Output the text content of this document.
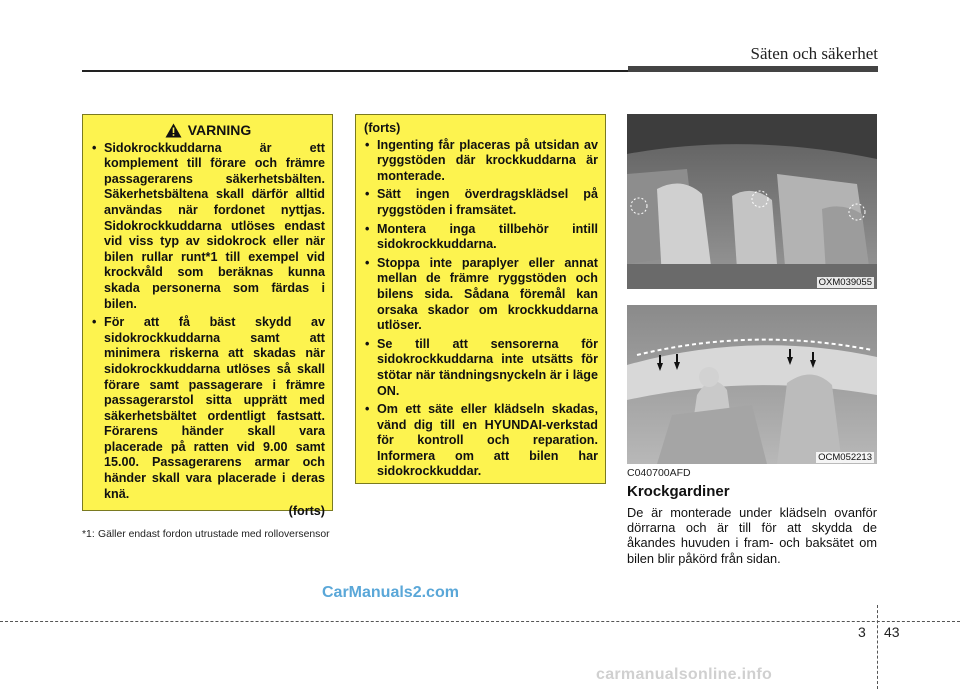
Säten och säkerhet
VARNING
• Sidokrockkuddarna är ett komplement till förare och främre passagerarens säkerhetsbälten. Säkerhetsbältena skall därför alltid användas när fordonet nyttjas. Sidokrockkuddarna utlöses endast vid viss typ av sidokrock eller när bilen rullar runt*1 till exempel vid krockvåld som beräknas kunna skada personerna som färdas i bilen.
• För att få bäst skydd av sidokrockkuddarna samt att minimera riskerna att skadas när sidokrockkuddarna utlöses så skall förare samt passagerare i främre passagerarstol sitta upprätt med säkerhetsbältet ordentligt fastsatt. Förarens händer skall vara placerade på ratten vid 9.00 samt 15.00. Passagerarens armar och händer skall vara placerade i deras knä.
(forts)
*1: Gäller endast fordon utrustade med rolloversensor
(forts)
• Ingenting får placeras på utsidan av ryggstöden där krockkuddarna är monterade.
• Sätt ingen överdragsklädsel på ryggstöden i framsätet.
• Montera inga tillbehör intill sidokrockkuddarna.
• Stoppa inte paraplyer eller annat mellan de främre ryggstöden och bilens sida. Sådana föremål kan orsaka skador om krockkuddarna utlöser.
• Se till att sensorerna för sidokrockkuddarna inte utsätts för stötar när tändningsnyckeln är i läge ON.
• Om ett säte eller klädseln skadas, vänd dig till en HYUNDAI-verkstad för kontroll och reparation. Informera om att bilen har sidokrockkuddar.
OXM039055
OCM052213
C040700AFD
Krockgardiner
De är monterade under klädseln ovanför dörrarna och är till för att skydda de åkandes huvuden i fram- och baksätet om bilen blir påkörd från sidan.
CarManuals2.com
3 43
carmanualsonline.info
